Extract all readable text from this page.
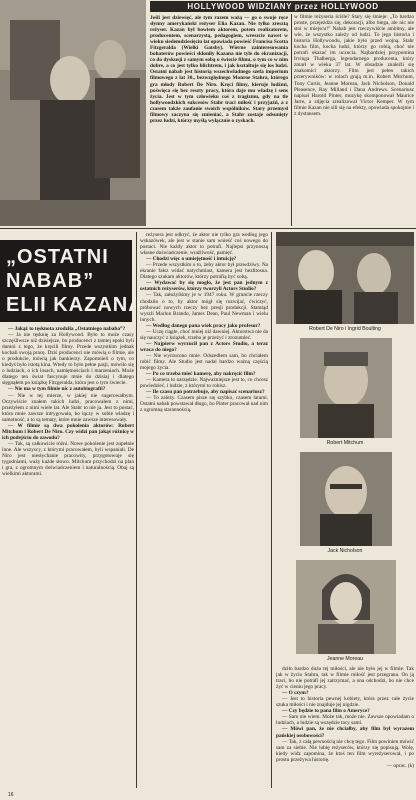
HOLLYWOOD WIDZIANY przez HOLLYWOOD
Jeśli jest dziewięć, ale tym razem ważą — go o swoje ręce słynny amerykański reżyser Elia Kazan. Nie tylko zresztą reżyser. Kazan był bowiem aktorem, potem realizatorem, producentem, scenarzystą, pedagogiem, wreszcie nawet w wieku siedemdziesięciu lat opowiada powieść Francisa Scotta Fitzgeralda (Wielki Gatsby). Wierne zainteresowania bohaterów powieści skłoniły Kazana nie tyle do ekranizacji, co do dyskusji z samym sobą o świecie filmu, o tym co w nim dobre, a co jest tylko blichtrem, i jak kształtuje się los ludzi. Ostatni nabab jest historią wszechwładnego szefa imperium filmowego z lat 30., bezwzględnego Monroe Stahra, którego gra młody Robert De Niro. Kręci filmy, kieruje ludźmi, poświęca się bez reszty pracy, która daje mu władzę i sens życia. Jest w tym człowieku coś z tragizmu, gdy na tle hollywoodzkich sukcesów Stahr traci miłość i przyjaźń, a z czasem także zaufanie swoich wspólników. Stary przemysł filmowy zaczyna się zmieniać, a Stahr zostaje odsunięty przez ludzi, którzy myślą wyłącznie o zyskach.
w filmie reżyseria ściśle? Stary się śmieje: „To bardzo proste, przejeżdża się, dekoracji, albo biega, ale nic nie stoi w miejscu!” Nabab jest rzeczywiście ambitny, ale wie, że wszystko zależy od ludzi. To jego historia i historia Hollywoodu, jakie było przed wojną. Stahr kocha film, kocha ludzi, którzy go robią, choć nie potrafi okazać im uczucia. Najbardziej przypomina Irvinga Thalberga, legendarnego producenta, który zmarł w wieku 37 lat. W obsadzie znaleźli się znakomici aktorzy. Film jest pełen takich przerywników: w rolach grają m.in. Robert Mitchum, Tony Curtis, Jeanne Moreau, Jack Nicholson, Donald Pleasence, Ray Milland i Dana Andrews. Scenariusz napisał Harold Pinter, muzykę skomponował Maurice Jarre, a zdjęcia zrealizował Victor Kemper. W tym filmie Kazan nie sili się na efekty, opowiada spokojnie i z dystansem.
„OSTATNI
NABAB”
ELII KAZANA

— Jakąż to tęsknota zrodziła „Ostatniego nababa”?

— Ja nie tęsknię za Hollywood. Było to może czasy szczęśliwsze niż dzisiejsze, bo producenci z tamtej epoki byli dumni z tego, że kręcili filmy. Przede wszystkim jednak kochali swoją pracę. Dziś producenci nie mówią o filmie, ale o produkcie, mówią jak bankierzy. Zapomnieli o tym, co kiedyś było istotą kina. Wtedy to było pełne pasji, mówiło się o ludziach, o ich losach, namiętnościach i marzeniach. Może dlatego ten świat fascynuje mnie do dzisiaj i dlatego sięgnąłem po książkę Fitzgeralda, która jest o tym świecie.

— Nie ma w tym filmie nic z autobiografii?

— Nie w tej mierze, w jakiej nie sugerowałbym. Oczywiście znałem takich ludzi, pracowałem z nimi, przeżyłem z nimi wiele lat. Ale Stahr to nie ja. Jest to postać, która mnie zawsze intrygowała, bo łączy w sobie władzę i samotność, a to są tematy, które mnie zawsze interesowały.

— W filmie są dwa pokolenia aktorów: Robert Mitchum i Robert De Niro. Czy widzi pan jakąś różnicę w ich podejściu do zawodu?

— Tak, są całkowicie różni. Nowe pokolenie jest zupełnie inne. Ale wszyscy, z którymi pracowałem, byli wspaniali. De Niro jest niesłychanie pracowity, przygotowuje się tygodniami, waży każde słowo. Mitchum przychodzi na plan i gra, z ogromnym doświadczeniem i naturalnością. Obaj są wielkimi aktorami.

reżysera jest odkryć, że aktor nie tylko gra według jego wskazówek, ale jest w stanie sam wnieść coś nowego do postaci. Nie każdy aktor to potrafi. Najlepsi przynoszą własne doświadczenie, wrażliwość, pamięć.

— Chodzi więc o umiejętność i intuicję?

— Przede wszystkim o to, żeby aktor był prawdziwy. Na ekranie fałsz widać natychmiast, kamera jest bezlitosna. Dlatego szukam aktorów, którzy potrafią być sobą.

— Wydawać by się mogło, że jest pan jednym z ostatnich reżyserów, którzy tworzyli Actors Studio?

— Tak, założyliśmy je w 1947 roku. W gruncie rzeczy chodziło o to, by aktor mógł się rozwijać, ćwiczyć, próbować nowych rzeczy bez presji produkcji. Stamtąd wyszli Marlon Brando, James Dean, Paul Newman i wielu innych.

— Według danego pana wiek pracy jako profesor?

— Uczę ciągle, choć mniej niż dawniej. Aktorstwa nie da się nauczyć z książek, trzeba je przeżyć i zrozumieć.

— Najpierw wyrzucił pan z Actors Studio, a teraz wraca do niego?

— Nie wyrzucono mnie. Odszedłem sam, bo chciałem robić filmy. Ale Studio jest nadal bardzo ważną częścią mojego życia.

— Po co trzeba mieć kamerę, aby nakręcić film?

— Kamera to narzędzie. Najważniejsze jest to, co chcesz powiedzieć, i ludzie, z którymi to robisz.

— Ile czasu pan potrzebuje, aby napisać scenariusz?

— To zależy. Czasem pisze się szybko, czasem latami. Ostatni nabab powstawał długo, bo Pinter pracował nad nim z ogromną starannością.

Robert De Niro i Ingrid Boulting
Robert Mitchum
Jack Nicholson
Jeanne Moreau

dziło bardzo dużo tej miłości, ale nie było jej w filmie. Tak jak w życiu Stahra, tak w filmie miłość jest przegrana. On ją traci, bo nie potrafi jej zatrzymać, a ona odchodzi, bo nie chce żyć w cieniu jego pracy.

— O czym?

— Jest to historia pewnej kobiety, która przez całe życie szuka miłości i nie znajduje jej nigdzie.

— Czy będzie to pana film o Ameryce?

— Sam nie wiem. Może tak, może nie. Zawsze opowiadam o ludziach, a ludzie są wszędzie tacy sami.

— Mówi pan, że nie chciałby, aby film był wyrazem pańskiej osobowości?

— Tak, z całą pewnością nie chcę tego. Film powinien mówić sam za siebie. Nie lubię reżyserów, którzy się popisują. Wolę, kiedy widz zapomina, że ktoś ten film wyreżyserował, i po prostu przeżywa historię.

— oprac. (k)

16
